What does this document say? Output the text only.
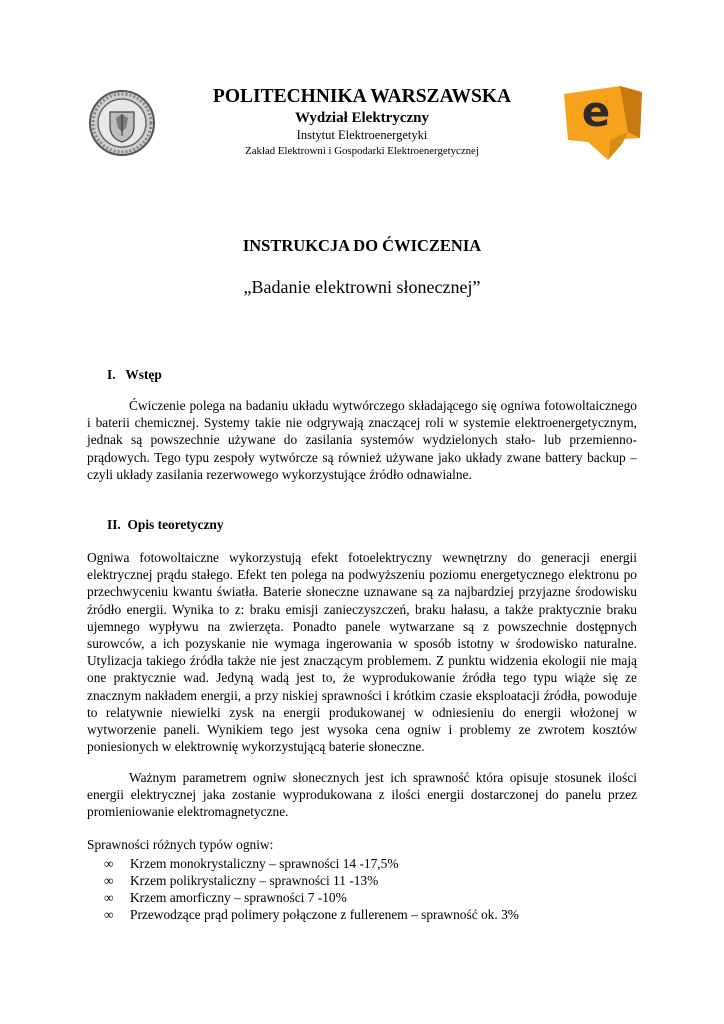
e
POLITECHNIKA WARSZAWSKA
Wydział Elektryczny
Instytut Elektroenergetyki
Zakład Elektrowni i Gospodarki Elektroenergetycznej
INSTRUKCJA DO ĆWICZENIA
„Badanie elektrowni słonecznej”
I.   Wstęp
Ćwiczenie polega na badaniu układu wytwórczego składającego się ogniwa fotowoltaicznego i baterii chemicznej. Systemy takie nie odgrywają znaczącej roli w systemie elektroenergetycznym, jednak są powszechnie używane do zasilania systemów wydzielonych stało- lub przemienno-prądowych. Tego typu zespoły wytwórcze są również używane jako układy zwane battery backup – czyli układy zasilania rezerwowego wykorzystujące źródło odnawialne.
II.  Opis teoretyczny
Ogniwa fotowoltaiczne wykorzystują efekt fotoelektryczny wewnętrzny do generacji energii elektrycznej prądu stałego. Efekt ten polega na podwyższeniu poziomu energetycznego elektronu po przechwyceniu kwantu światła. Baterie słoneczne uznawane są za najbardziej przyjazne środowisku źródło energii. Wynika to z: braku emisji zanieczyszczeń, braku hałasu, a także praktycznie braku ujemnego wypływu na zwierzęta. Ponadto panele wytwarzane są z powszechnie dostępnych surowców, a ich pozyskanie nie wymaga ingerowania w sposób istotny w środowisko naturalne. Utylizacja takiego źródła także nie jest znaczącym problemem. Z punktu widzenia ekologii nie mają one praktycznie wad. Jedyną wadą jest to, że wyprodukowanie źródła tego typu wiąże się ze znacznym nakładem energii, a przy niskiej sprawności i krótkim czasie eksploatacji źródła, powoduje to relatywnie niewielki zysk na energii produkowanej w odniesieniu do energii włożonej w wytworzenie paneli. Wynikiem tego jest wysoka cena ogniw i problemy ze zwrotem kosztów poniesionych w elektrownię wykorzystującą baterie słoneczne.
Ważnym parametrem ogniw słonecznych jest ich sprawność która opisuje stosunek ilości energii elektrycznej jaka zostanie wyprodukowana z ilości energii dostarczonej do panelu przez promieniowanie elektromagnetyczne.
Sprawności różnych typów ogniw:
∞ Krzem monokrystaliczny – sprawności 14 -17,5%
∞ Krzem polikrystaliczny – sprawności 11 -13%
∞ Krzem amorficzny – sprawności 7 -10%
∞ Przewodzące prąd polimery połączone z fullerenem – sprawność ok. 3%
